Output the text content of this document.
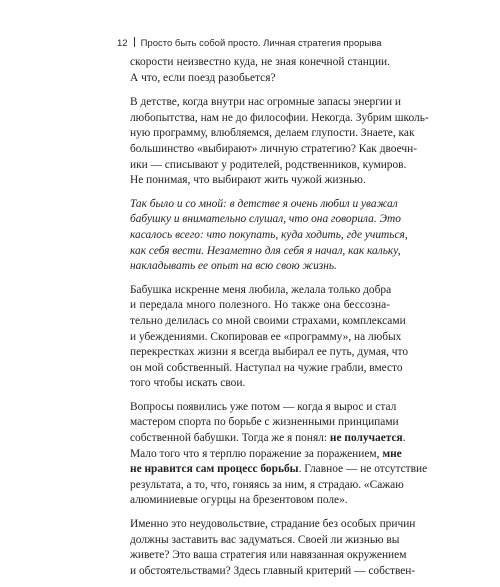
12 Просто быть собой просто. Личная стратегия прорыва
скорости неизвестно куда, не зная конечной станции.
А что, если поезд разобьется?
В детстве, когда внутри нас огромные запасы энергии и
любопытства, нам не до философии. Некогда. Зубрим школь-
ную программу, влюбляемся, делаем глупости. Знаете, как
большинство «выбирают» личную стратегию? Как двоечн-
ики — списывают у родителей, родственников, кумиров.
Не понимая, что выбирают жить чужой жизнью.
Так было и со мной: в детстве я очень любил и уважал
бабушку и внимательно слушал, что она говорила. Это
касалось всего: что покупать, куда ходить, где учиться,
как себя вести. Незаметно для себя я начал, как кальку,
накладывать ее опыт на всю свою жизнь.
Бабушка искренне меня любила, желала только добра
и передала много полезного. Но также она бессозна-
тельно делилась со мной своими страхами, комплексами
и убеждениями. Скопировав ее «программу», на любых
перекрестках жизни я всегда выбирал ее путь, думая, что
он мой собственный. Наступал на чужие грабли, вместо
того чтобы искать свои.
Вопросы появились уже потом — когда я вырос и стал
мастером спорта по борьбе с жизненными принципами
собственной бабушки. Тогда же я понял: не получается.
Мало того что я терплю поражение за поражением, мне
не нравится сам процесс борьбы. Главное — не отсутствие
результата, а то, что, гоняясь за ним, я страдаю. «Сажаю
алюминиевые огурцы на брезентовом поле».
Именно это неудовольствие, страдание без особых причин
должны заставить вас задуматься. Своей ли жизнью вы
живете? Это ваша стратегия или навязанная окружением
и обстоятельствами? Здесь главный критерий — собствен-
